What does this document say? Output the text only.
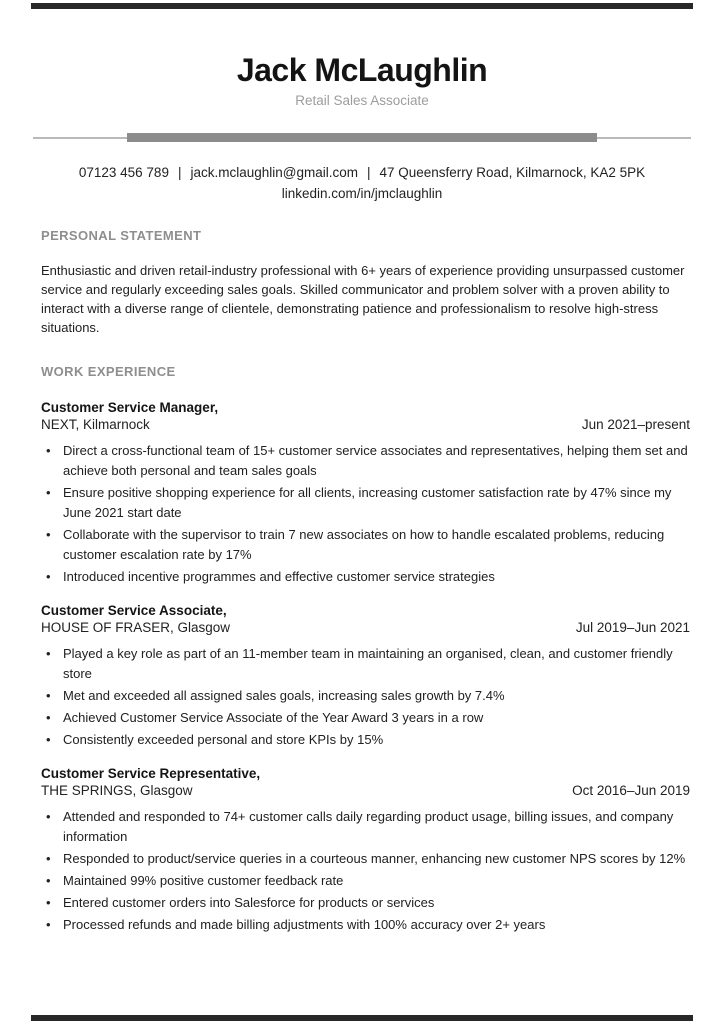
Jack McLaughlin
Retail Sales Associate
07123 456 789 | jack.mclaughlin@gmail.com | 47 Queensferry Road, Kilmarnock, KA2 5PK
linkedin.com/in/jmclaughlin
PERSONAL STATEMENT

Enthusiastic and driven retail-industry professional with 6+ years of experience providing unsurpassed customer service and regularly exceeding sales goals. Skilled communicator and problem solver with a proven ability to interact with a diverse range of clientele, demonstrating patience and professionalism to resolve high-stress situations.

WORK EXPERIENCE
Customer Service Manager,
NEXT, Kilmarnock	Jun 2021–present
• Direct a cross-functional team of 15+ customer service associates and representatives, helping them set and achieve both personal and team sales goals
• Ensure positive shopping experience for all clients, increasing customer satisfaction rate by 47% since my June 2021 start date
• Collaborate with the supervisor to train 7 new associates on how to handle escalated problems, reducing customer escalation rate by 17%
• Introduced incentive programmes and effective customer service strategies
Customer Service Associate,
HOUSE OF FRASER, Glasgow	Jul 2019–Jun 2021
• Played a key role as part of an 11-member team in maintaining an organised, clean, and customer friendly store
• Met and exceeded all assigned sales goals, increasing sales growth by 7.4%
• Achieved Customer Service Associate of the Year Award 3 years in a row
• Consistently exceeded personal and store KPIs by 15%
Customer Service Representative,
THE SPRINGS, Glasgow	Oct 2016–Jun 2019
• Attended and responded to 74+ customer calls daily regarding product usage, billing issues, and company information
• Responded to product/service queries in a courteous manner, enhancing new customer NPS scores by 12%
• Maintained 99% positive customer feedback rate
• Entered customer orders into Salesforce for products or services
• Processed refunds and made billing adjustments with 100% accuracy over 2+ years
